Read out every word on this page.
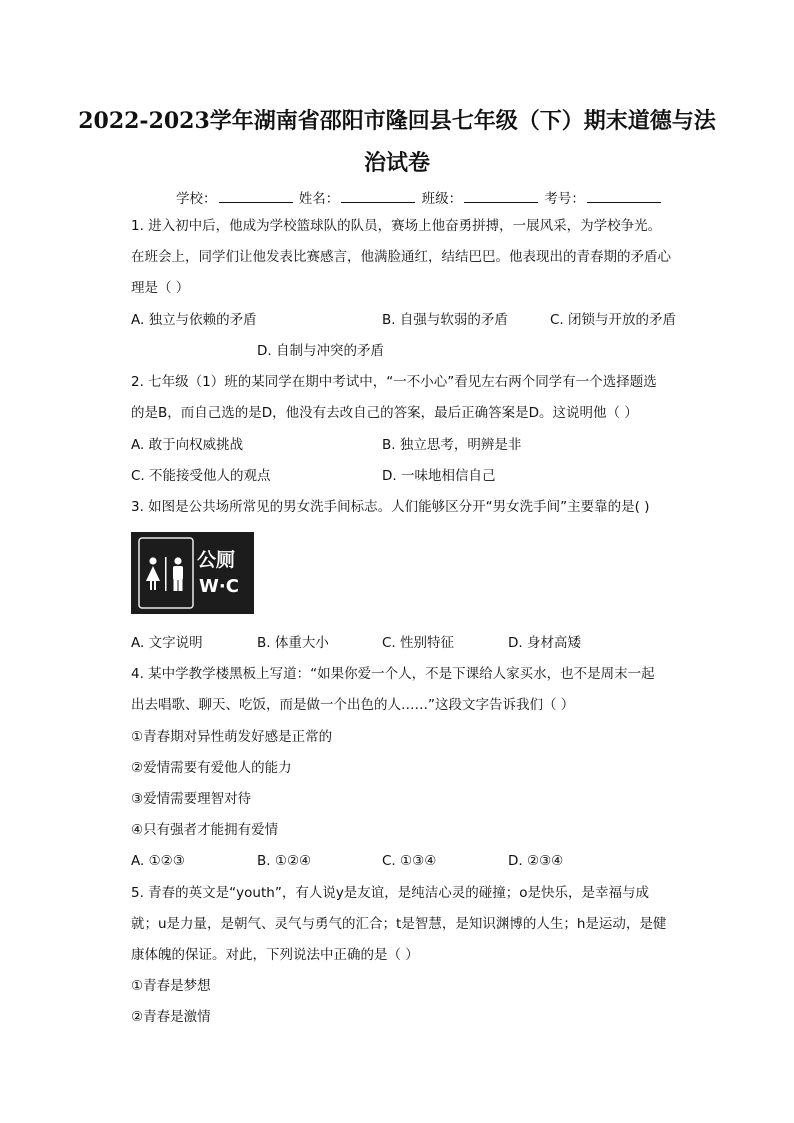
2022-2023学年湖南省邵阳市隆回县七年级（下）期末道德与法
治试卷
学校：	姓名：	班级：	考号：
1. 进入初中后，他成为学校篮球队的队员，赛场上他奋勇拼搏，一展风采，为学校争光。
在班会上，同学们让他发表比赛感言，他满脸通红，结结巴巴。他表现出的青春期的矛盾心
理是（ ）
A. 独立与依赖的矛盾	B. 自强与软弱的矛盾	C. 闭锁与开放的矛盾
D. 自制与冲突的矛盾
2. 七年级（1）班的某同学在期中考试中，“一不小心”看见左右两个同学有一个选择题选
的是B，而自己选的是D，他没有去改自己的答案，最后正确答案是D。这说明他（ ）
A. 敢于向权威挑战	B. 独立思考，明辨是非
C. 不能接受他人的观点	D. 一味地相信自己
3. 如图是公共场所常见的男女洗手间标志。人们能够区分开“男女洗手间”主要靠的是( )
公厕
W·C
A. 文字说明	B. 体重大小	C. 性别特征	D. 身材高矮
4. 某中学教学楼黑板上写道：“如果你爱一个人，不是下课给人家买水，也不是周末一起
出去唱歌、聊天、吃饭，而是做一个出色的人……”这段文字告诉我们（ ）
①青春期对异性萌发好感是正常的
②爱情需要有爱他人的能力
③爱情需要理智对待
④只有强者才能拥有爱情
A. ①②③	B. ①②④	C. ①③④	D. ②③④
5. 青春的英文是“youth”，有人说y是友谊，是纯洁心灵的碰撞；o是快乐，是幸福与成
就；u是力量，是朝气、灵气与勇气的汇合；t是智慧，是知识渊博的人生；h是运动，是健
康体魄的保证。对此，下列说法中正确的是（ ）
①青春是梦想
②青春是激情
